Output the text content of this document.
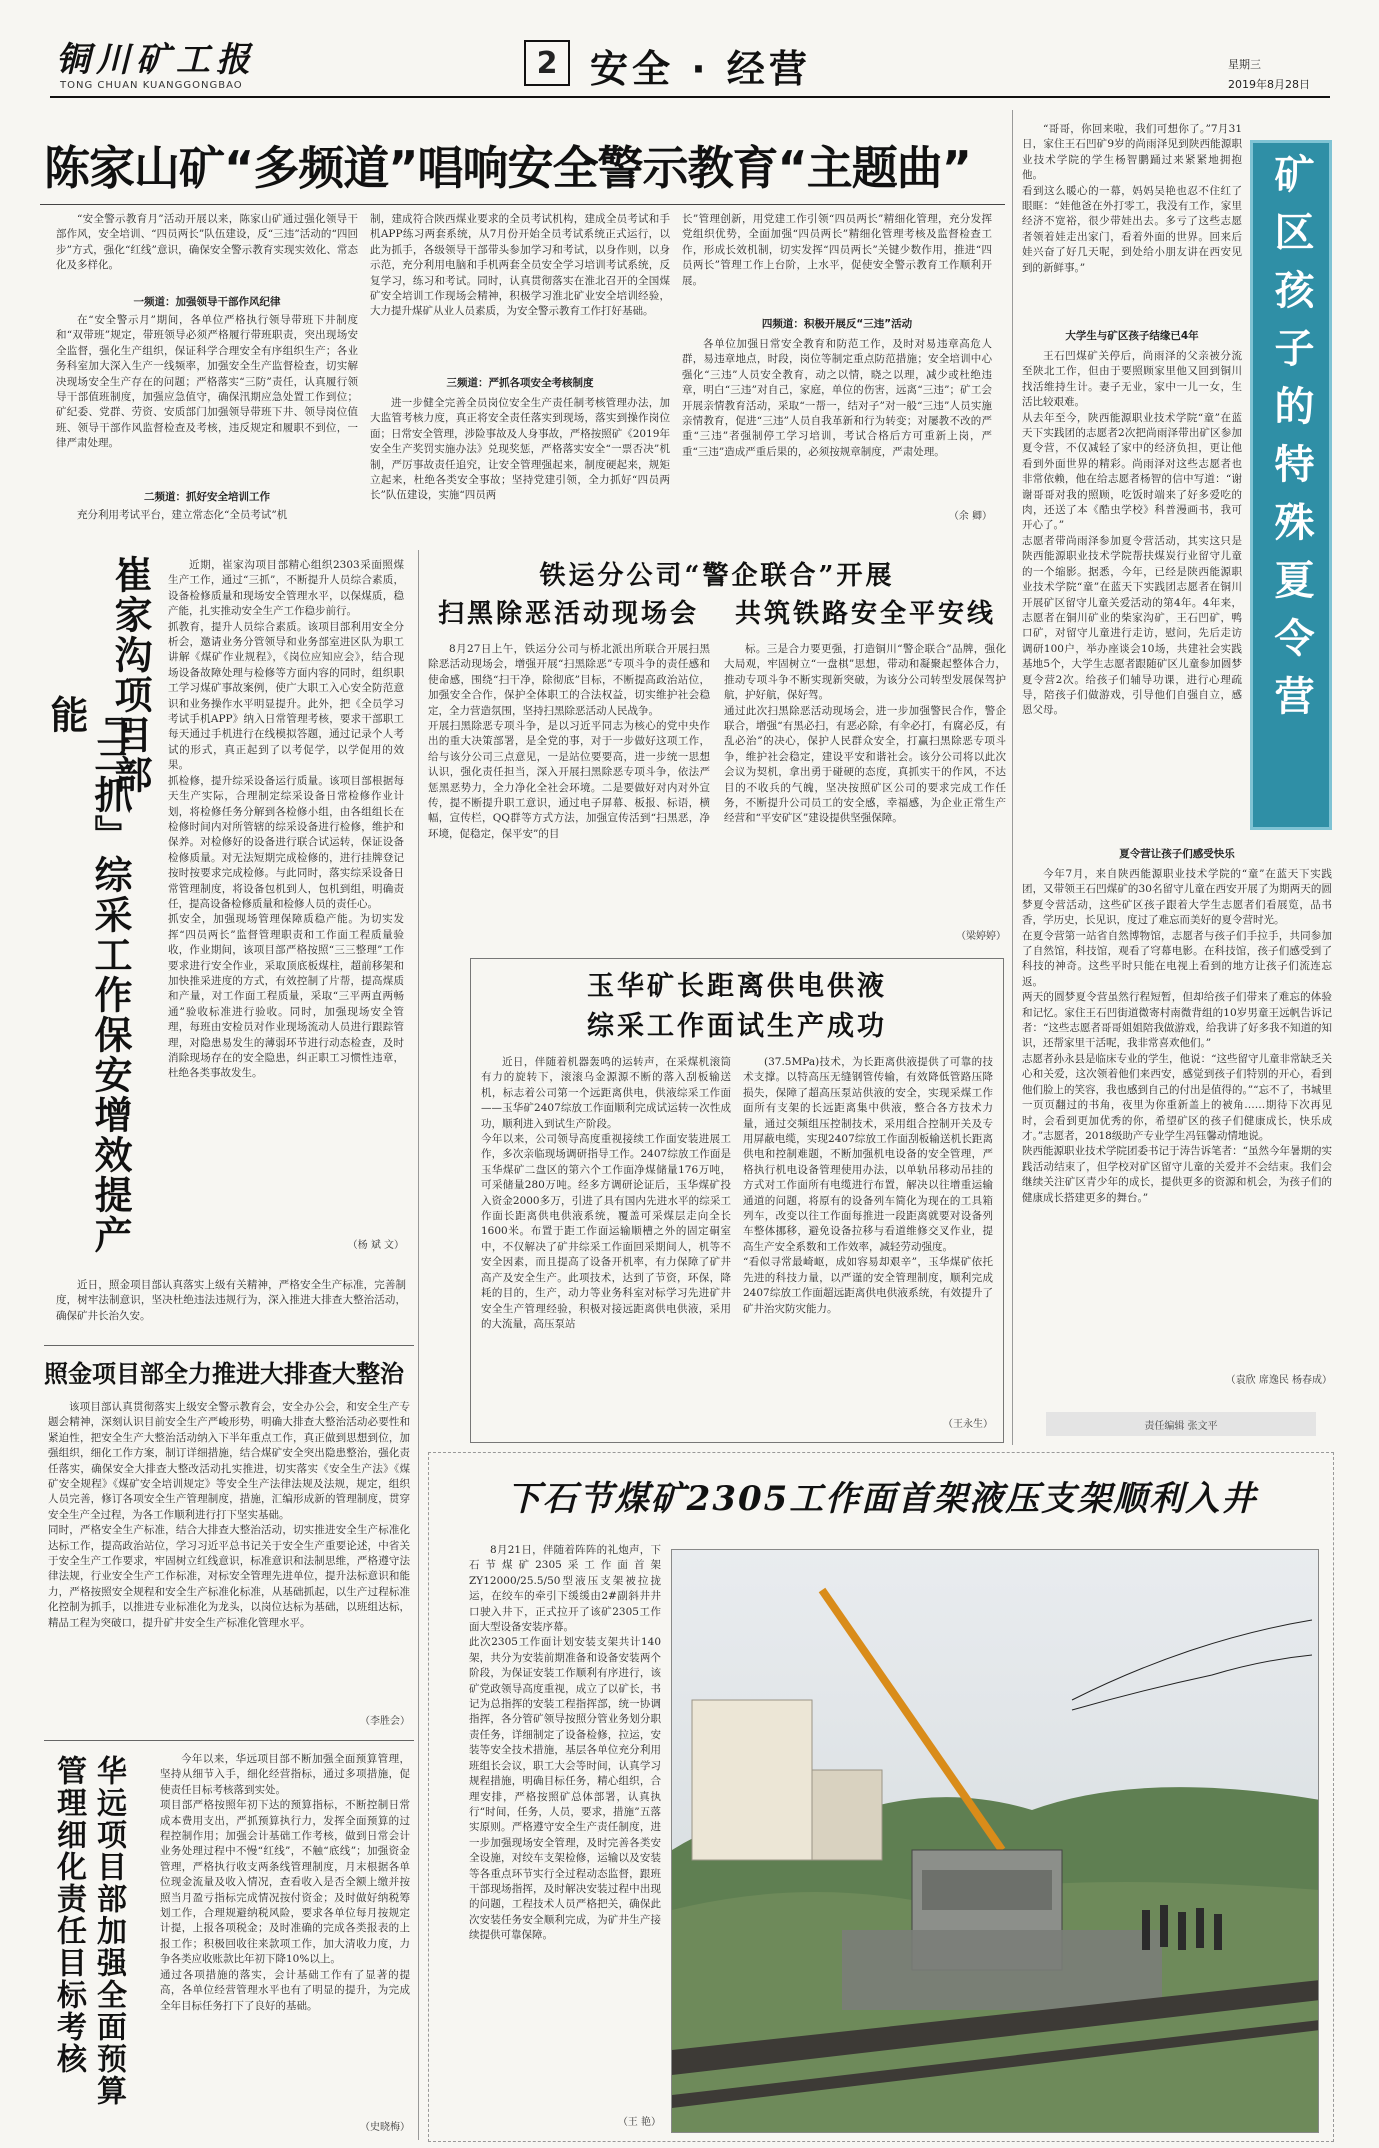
铜川矿工报
TONG CHUAN KUANGGONGBAO
2 安全 · 经营	星期三
2019年8月28日
陈家山矿“多频道”唱响安全警示教育“主题曲”
“安全警示教育月”活动开展以来，陈家山矿通过强化领导干部作风，安全培训、“四员两长”队伍建设，反“三违”活动的“四回步”方式，强化“红线”意识，确保安全警示教育实现实效化、常态化及多样化。
一频道：加强领导干部作风纪律
在“安全警示月”期间，各单位严格执行领导带班下井制度和“双带班”规定，带班领导必须严格履行带班职责，突出现场安全监督，强化生产组织，保证科学合理安全有序组织生产；各业务科室加大深入生产一线频率，加强安全生产监督检查，切实解决现场安全生产存在的问题；严格落实“三防”责任，认真履行领导干部值班制度，加强应急值守，确保汛期应急处置工作到位；矿纪委、党群、劳资、安质部门加强领导带班下井、领导岗位值班、领导干部作风监督检查及考核，违反规定和履职不到位，一律严肃处理。
二频道：抓好安全培训工作
充分利用考试平台，建立常态化“全员考试”机
制，建成符合陕西煤业要求的全员考试机构，建成全员考试和手机APP练习两套系统，从7月份开始全员考试系统正式运行，以此为抓手，各级领导干部带头参加学习和考试，以身作则，以身示范，充分利用电脑和手机两套全员安全学习培训考试系统，反复学习，练习和考试。同时，认真贯彻落实在淮北召开的全国煤矿安全培训工作现场会精神，积极学习淮北矿业安全培训经验，大力提升煤矿从业人员素质，为安全警示教育工作打好基础。
三频道：严抓各项安全考核制度
进一步健全完善全员岗位安全生产责任制考核管理办法，加大监管考核力度，真正将安全责任落实到现场，落实到操作岗位面；日常安全管理，涉险事故及人身事故，严格按照矿《2019年安全生产奖罚实施办法》兑现奖惩，严格落实安全“一票否决”机制，严厉事故责任追究，让安全管理强起来，制度硬起来，规矩立起来，杜绝各类安全事故；坚持党建引领，全力抓好“四员两长”队伍建设，实施“四员两
长”管理创新，用党建工作引领“四员两长”精细化管理，充分发挥党组织优势，全面加强“四员两长”精细化管理考核及监督检查工作，形成长效机制，切实发挥“四员两长”关键少数作用，推进“四员两长”管理工作上台阶，上水平，促使安全警示教育工作顺利开展。
四频道：积极开展反“三违”活动
各单位加强日常安全教育和防范工作，及时对易违章高危人群，易违章地点，时段，岗位等制定重点防范措施；安全培训中心强化“三违”人员安全教育，动之以情，晓之以理，减少或杜绝违章，明白“三违”对自己，家庭，单位的伤害，远离“三违”；矿工会开展亲情教育活动，采取“一帮一，结对子”对一般“三违”人员实施亲情教育，促进“三违”人员自我革新和行为转变；对屡教不改的严重“三违”者强制停工学习培训，考试合格后方可重新上岗，严重“三违”造成严重后果的，必须按规章制度，严肃处理。
（余 卿）
崔家沟项目部
『三抓』综采工作保安增效提产能
近期，崔家沟项目部精心组织2303采面照煤生产工作，通过“三抓”，不断提升人员综合素质，设备检修质量和现场安全管理水平，以保煤质，稳产能，扎实推动安全生产工作稳步前行。
抓教育，提升人员综合素质。该项目部利用安全分析会，邀请业务分管领导和业务部室进区队为职工讲解《煤矿作业规程》，《岗位应知应会》，结合现场设备故障处理与检修等方面内容的同时，组织职工学习煤矿事故案例，使广大职工入心安全防范意识和业务操作水平明显提升。此外，把《全员学习考试手机APP》纳入日常管理考核，要求干部职工每天通过手机进行在线模拟答题，通过记录个人考试的形式，真正起到了以考促学，以学促用的效果。
抓检修，提升综采设备运行质量。该项目部根据每天生产实际，合理制定综采设备日常检修作业计划，将检修任务分解到各检修小组，由各组组长在检修时间内对所管辖的综采设备进行检修，维护和保养。对检修好的设备进行联合试运转，保证设备检修质量。对无法短期完成检修的，进行挂牌登记按时按要求完成检修。与此同时，落实综采设备日常管理制度，将设备包机到人，包机到组，明确责任，提高设备检修质量和检修人员的责任心。
抓安全，加强现场管理保障质稳产能。为切实发挥“四员两长”监督管理职责和工作面工程质量验收，作业期间，该项目部严格按照“三三整理”工作要求进行安全作业，采取顶底板煤柱，超前移架和加快推采进度的方式，有效控制了片帮，提高煤质和产量，对工作面工程质量，采取“三平两直两畅通”验收标准进行验收。同时，加强现场安全管理，每班由安检员对作业现场流动人员进行跟踪管理，对隐患易发生的薄弱环节进行动态检查，及时消除现场存在的安全隐患，纠正职工习惯性违章，杜绝各类事故发生。
（杨 斌 文）
近日，照金项目部认真落实上级有关精神，严格安全生产标准，完善制度，树牢法制意识，坚决杜绝违法违规行为，深入推进大排查大整治活动，确保矿井长治久安。
照金项目部全力推进大排查大整治
该项目部认真贯彻落实上级安全警示教育会，安全办公会，和安全生产专题会精神，深刻认识目前安全生产严峻形势，明确大排查大整治活动必要性和紧迫性，把安全生产大整治活动纳入下半年重点工作，真正做到思想到位，加强组织，细化工作方案，制订详细措施，结合煤矿安全突出隐患整治，强化责任落实，确保安全大排查大整改活动扎实推进，切实落实《安全生产法》《煤矿安全规程》《煤矿安全培训规定》等安全生产法律法规及法规，规定，组织人员完善，修订各项安全生产管理制度，措施，汇编形成新的管理制度，贯穿安全生产全过程，为各工作顺利进行打下坚实基础。
同时，严格安全生产标准，结合大排查大整治活动，切实推进安全生产标准化达标工作，提高政治站位，学习习近平总书记关于安全生产重要论述，中省关于安全生产工作要求，牢固树立红线意识，标准意识和法制思维，严格遵守法律法规，行业安全生产工作标准，对标安全管理先进单位，提升法标意识和能力，严格按照安全规程和安全生产标准化标准，从基础抓起，以生产过程标准化控制为抓手，以推进专业标准化为龙头，以岗位达标为基础，以班组达标，精品工程为突破口，提升矿井安全生产标准化管理水平。
（李胜会）
华远项目部加强全面预算管理细化责任目标考核	今年以来，华远项目部不断加强全面预算管理，坚持从细节入手，细化经营指标，通过多项措施，促使责任目标考核落到实处。
项目部严格按照年初下达的预算指标，不断控制日常成本费用支出，严抓预算执行力，发挥全面预算的过程控制作用；加强会计基础工作考核，做到日常会计业务处理过程中不慢“红线”，不触“底线”；加强资金管理，严格执行收支两条线管理制度，月末根据各单位现金流量及收入情况，查看收入是否全额上缴并按照当月盈亏指标完成情况按付资金；及时做好纳税筹划工作，合理规避纳税风险，要求各单位每月按规定计提，上报各项税金；及时准确的完成各类报表的上报工作；积极回收往来款项工作，加大清收力度，力争各类应收账款比年初下降10%以上。
通过各项措施的落实，会计基础工作有了显著的提高，各单位经营管理水平也有了明显的提升，为完成全年目标任务打下了良好的基础。
（史晓梅）
铁运分公司“警企联合”开展
扫黑除恶活动现场会 共筑铁路安全平安线
8月27日上午，铁运分公司与桥北派出所联合开展扫黑除恶活动现场会，增强开展“扫黑除恶”专项斗争的责任感和使命感，围绕“扫干净，除彻底”目标，不断提高政治站位，加强安全合作，保护全体职工的合法权益，切实维护社会稳定，全力营造氛围，坚持扫黑除恶活动人民战争。
开展扫黑除恶专项斗争，是以习近平同志为核心的党中央作出的重大决策部署，是全党的事，对于一步做好这项工作，给与该分公司三点意见，一是站位要要高，进一步统一思想认识，强化责任担当，深入开展扫黑除恶专项斗争，依法严惩黑恶势力，全力净化全社会环境。二是要做好对内对外宣传，提不断提升职工意识，通过电子屏幕、板报、标语，横幅，宣传栏，QQ群等方式方法，加强宣传活到“扫黑恶，净环境，促稳定，保平安”的目
标。三是合力要更强，打造铜川“警企联合”品牌，强化大局观，牢固树立“一盘棋”思想，带动和凝聚起整体合力，推动专项斗争不断实现新突破，为该分公司转型发展保驾护航，护好航，保好驾。
通过此次扫黑除恶活动现场会，进一步加强警民合作，警企联合，增强“有黑必扫，有恶必除，有伞必打，有腐必反，有乱必治”的决心，保护人民群众安全，打赢扫黑除恶专项斗争，维护社会稳定，建设平安和谐社会。该分公司将以此次会议为契机，拿出勇于碰硬的态度，真抓实干的作风，不达目的不收兵的气魄，坚决按照矿区公司的要求完成工作任务，不断提升公司员工的安全感，幸福感，为企业正常生产经营和“平安矿区”建设提供坚强保障。
（梁婷婷）
玉华矿长距离供电供液
综采工作面试生产成功
近日，伴随着机器轰鸣的运转声，在采煤机滚筒有力的旋转下，滚滚乌金源源不断的落入刮板输送机，标志着公司第一个远距离供电，供液综采工作面——玉华矿2407综放工作面顺利完成试运转一次性成功，顺利进入到试生产阶段。
今年以来，公司领导高度重视接续工作面安装进展工作，多次亲临现场调研指导工作。2407综放工作面是玉华煤矿二盘区的第六个工作面净煤储量176万吨，可采储量280万吨。经多方调研论证后，玉华煤矿投入资金2000多万，引进了具有国内先进水平的综采工作面长距离供电供液系统，覆盖可采煤层走向全长1600米。布置于距工作面运输顺槽之外的固定硐室中，不仅解决了矿井综采工作面回采期间人，机等不安全因素，而且提高了设备开机率，有力保障了矿井高产及安全生产。此项技术，达到了节资，环保，降耗的目的，生产，动力等业务科室对标学习先进矿井安全生产管理经验，积极对接远距离供电供液，采用的大流量，高压泵站
(37.5MPa)技术，为长距离供液提供了可靠的技术支撑。以特高压无缝钢管传输，有效降低管路压降损失，保障了超高压泵站供液的安全，实现采煤工作面所有支架的长远距离集中供液，整合各方技术力量，通过交频组压控制技术，采用组合控制开关及专用屏蔽电缆，实现2407综放工作面刮板输送机长距离供电和控制难题，不断加强机电设备的安全管理，严格执行机电设备管理使用办法，以单轨吊移动吊挂的方式对工作面所有电缆进行布置，解决以往增重运输通道的问题，将原有的设备列车简化为现在的工具箱列车，改变以往工作面每推进一段距离就要对设备列车整体挪移，避免设备拉移与看道维修交叉作业，提高生产安全系数和工作效率，减轻劳动强度。
“看似寻常最崎岖，成如容易却艰辛”，玉华煤矿依托先进的科技力量，以严谨的安全管理制度，顺利完成2407综放工作面超远距离供电供液系统，有效提升了矿井治灾防灾能力。
（王永生）
矿区孩子的特殊夏令营
“哥哥，你回来啦，我们可想你了。”7月31日，家住王石凹矿9岁的尚雨泽见到陕西能源职业技术学院的学生杨智鹏踊过来紧紧地拥抱他。
看到这么暖心的一幕，妈妈吴艳也忍不住红了眼眶：“娃他爸在外打零工，我没有工作，家里经济不宽裕，很少带娃出去。多亏了这些志愿者领着娃走出家门，看着外面的世界。回来后娃兴奋了好几天呢，到处给小朋友讲在西安见到的新鲜事。”
大学生与矿区孩子结缘已4年
王石凹煤矿关停后，尚雨泽的父亲被分流至陕北工作，但由于要照顾家里他又回到铜川找活维持生计。妻子无业，家中一儿一女，生活比较艰难。
从去年至今，陕西能源职业技术学院“童”在蓝天下实践团的志愿者2次把尚雨泽带出矿区参加夏令营，不仅减轻了家中的经济负担，更让他看到外面世界的精彩。尚雨泽对这些志愿者也非常依赖，他在给志愿者杨智的信中写道：“谢谢哥哥对我的照顾，吃饭时端来了好多爱吃的肉，还送了本《酷虫学校》科普漫画书，我可开心了。”
志愿者带尚雨泽参加夏令营活动，其实这只是陕西能源职业技术学院帮扶煤炭行业留守儿童的一个缩影。据悉，今年，已经是陕西能源职业技术学院“童”在蓝天下实践团志愿者在铜川开展矿区留守儿童关爱活动的第4年。4年来，志愿者在铜川矿业的柴家沟矿，王石凹矿，鸭口矿，对留守儿童进行走访，慰问，先后走访调研100户，举办座谈会10场，共建社会实践基地5个，大学生志愿者跟随矿区儿童参加圆梦夏令营2次。给孩子们辅导功课，进行心理疏导，陪孩子们做游戏，引导他们自强自立，感恩父母。
夏令营让孩子们感受快乐
今年7月，来自陕西能源职业技术学院的“童”在蓝天下实践团，又带领王石凹煤矿的30名留守儿童在西安开展了为期两天的圆梦夏令营活动，这些矿区孩子跟着大学生志愿者们看展览，品书香，学历史，长见识，度过了难忘而美好的夏令营时光。
在夏令营第一站省自然博物馆，志愿者与孩子们手拉手，共同参加了自然馆，科技馆，观看了穹幕电影。在科技馆，孩子们感受到了科技的神奇。这些平时只能在电视上看到的地方让孩子们流连忘返。
两天的圆梦夏令营虽然行程短暂，但却给孩子们带来了难忘的体验和记忆。家住王石凹街道微寄村南微背组的10岁男童王远帆告诉记者：“这些志愿者哥哥姐姐陪我做游戏，给我讲了好多我不知道的知识，还帮家里干活呢，我非常喜欢他们。”
志愿者孙永县是临床专业的学生，他说：“这些留守儿童非常缺乏关心和关爱，这次领着他们来西安，感觉到孩子们特别的开心，看到他们脸上的笑容，我也感到自己的付出是值得的。”“忘不了，书城里一页页翻过的书角，夜里为你重新盖上的被角……期待下次再见时，会看到更加优秀的你，希望矿区的孩子们健康成长，快乐成才。”志愿者，2018级助产专业学生冯钰馨动情地说。
陕西能源职业技术学院团委书记于涛告诉笔者：“虽然今年暑期的实践活动结束了，但学校对矿区留守儿童的关爱并不会结束。我们会继续关注矿区青少年的成长，提供更多的资源和机会，为孩子们的健康成长搭建更多的舞台。”
（袁欣 席逸民 杨春成）
责任编辑 张文平
下石节煤矿2305工作面首架液压支架顺利入井
8月21日，伴随着阵阵的礼炮声，下石节煤矿2305采工作面首架ZY12000/25.5/50型液压支架被拉拢运，在绞车的牵引下缓缓由2#副斜井井口驶入井下，正式拉开了该矿2305工作面大型设备安装序幕。
此次2305工作面计划安装支架共计140架，共分为安装前期准备和设备安装两个阶段，为保证安装工作顺利有序进行，该矿党政领导高度重视，成立了以矿长，书记为总指挥的安装工程指挥部，统一协调指挥，各分管矿领导按照分管业务划分职责任务，详细制定了设备检修，拉运，安装等安全技术措施，基层各单位充分利用班组长会议，职工大会等时间，认真学习规程措施，明确目标任务，精心组织，合理安排，严格按照矿总体部署，认真执行“时间，任务，人员，要求，措施”五落实原则。严格遵守安全生产责任制度，进一步加强现场安全管理，及时完善各类安全设施，对绞车支架检修，运输以及安装等各重点环节实行全过程动态监督，跟班干部现场指挥，及时解决安装过程中出现的问题，工程技术人员严格把关，确保此次安装任务安全顺利完成，为矿井生产接续提供可靠保障。
（王 艳）
